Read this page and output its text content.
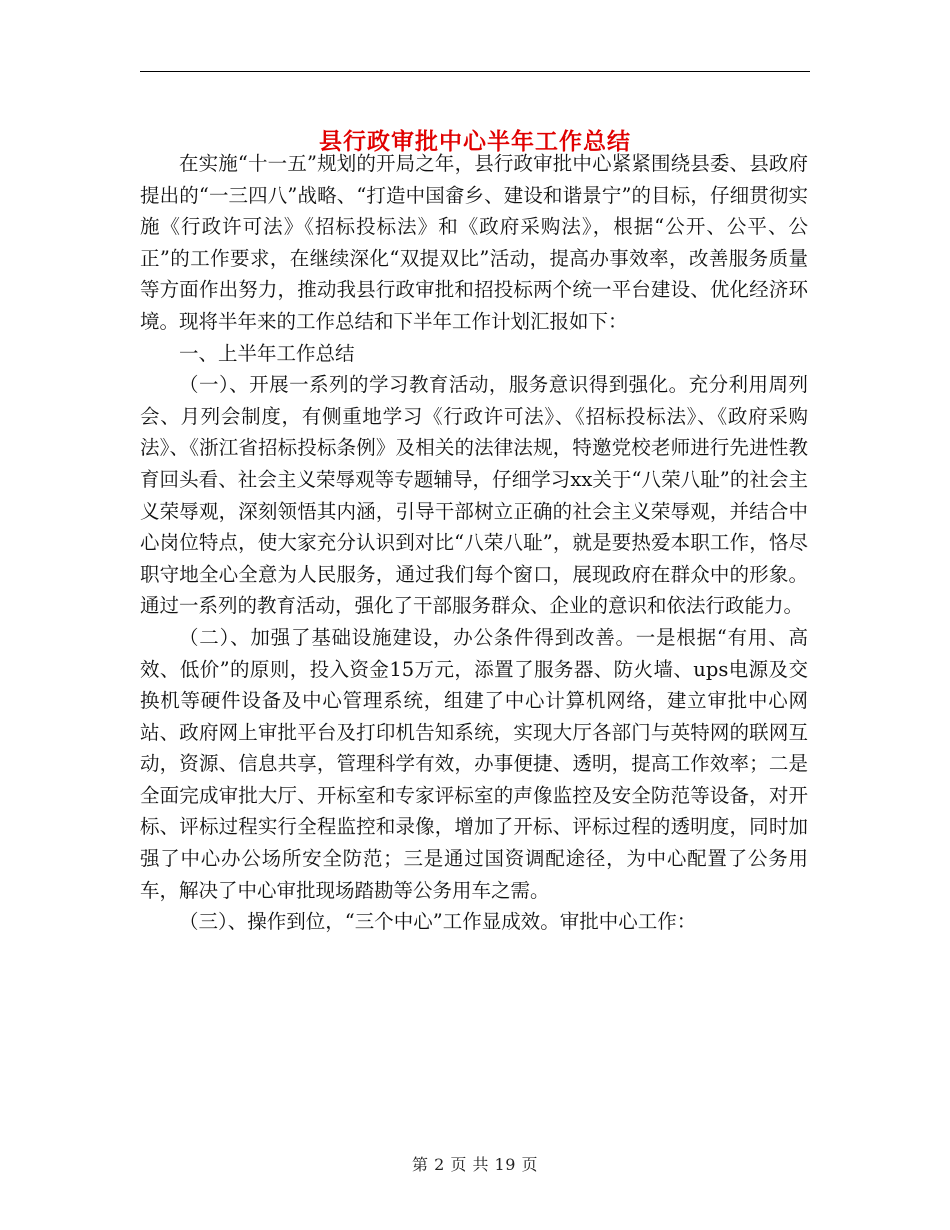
县行政审批中心半年工作总结

在实施“十一五”规划的开局之年，县行政审批中心紧紧围绕县委、县政府提出的“一三四八”战略、“打造中国畲乡、建设和谐景宁”的目标，仔细贯彻实施《行政许可法》《招标投标法》和《政府采购法》，根据“公开、公平、公正”的工作要求，在继续深化“双提双比”活动，提高办事效率，改善服务质量等方面作出努力，推动我县行政审批和招投标两个统一平台建设、优化经济环境。现将半年来的工作总结和下半年工作计划汇报如下：

一、上半年工作总结

（一）、开展一系列的学习教育活动，服务意识得到强化。充分利用周列会、月列会制度，有侧重地学习《行政许可法》、《招标投标法》、《政府采购法》、《浙江省招标投标条例》及相关的法律法规，特邀党校老师进行先进性教育回头看、社会主义荣辱观等专题辅导，仔细学习xx关于“八荣八耻”的社会主义荣辱观，深刻领悟其内涵，引导干部树立正确的社会主义荣辱观，并结合中心岗位特点，使大家充分认识到对比“八荣八耻”，就是要热爱本职工作，恪尽职守地全心全意为人民服务，通过我们每个窗口，展现政府在群众中的形象。通过一系列的教育活动，强化了干部服务群众、企业的意识和依法行政能力。

（二）、加强了基础设施建设，办公条件得到改善。一是根据“有用、高效、低价”的原则，投入资金15万元，添置了服务器、防火墙、ups电源及交换机等硬件设备及中心管理系统，组建了中心计算机网络，建立审批中心网站、政府网上审批平台及打印机告知系统，实现大厅各部门与英特网的联网互动，资源、信息共享，管理科学有效，办事便捷、透明，提高工作效率；二是全面完成审批大厅、开标室和专家评标室的声像监控及安全防范等设备，对开标、评标过程实行全程监控和录像，增加了开标、评标过程的透明度，同时加强了中心办公场所安全防范；三是通过国资调配途径，为中心配置了公务用车，解决了中心审批现场踏勘等公务用车之需。

（三）、操作到位，“三个中心”工作显成效。审批中心工作：

第 2 页 共 19 页
